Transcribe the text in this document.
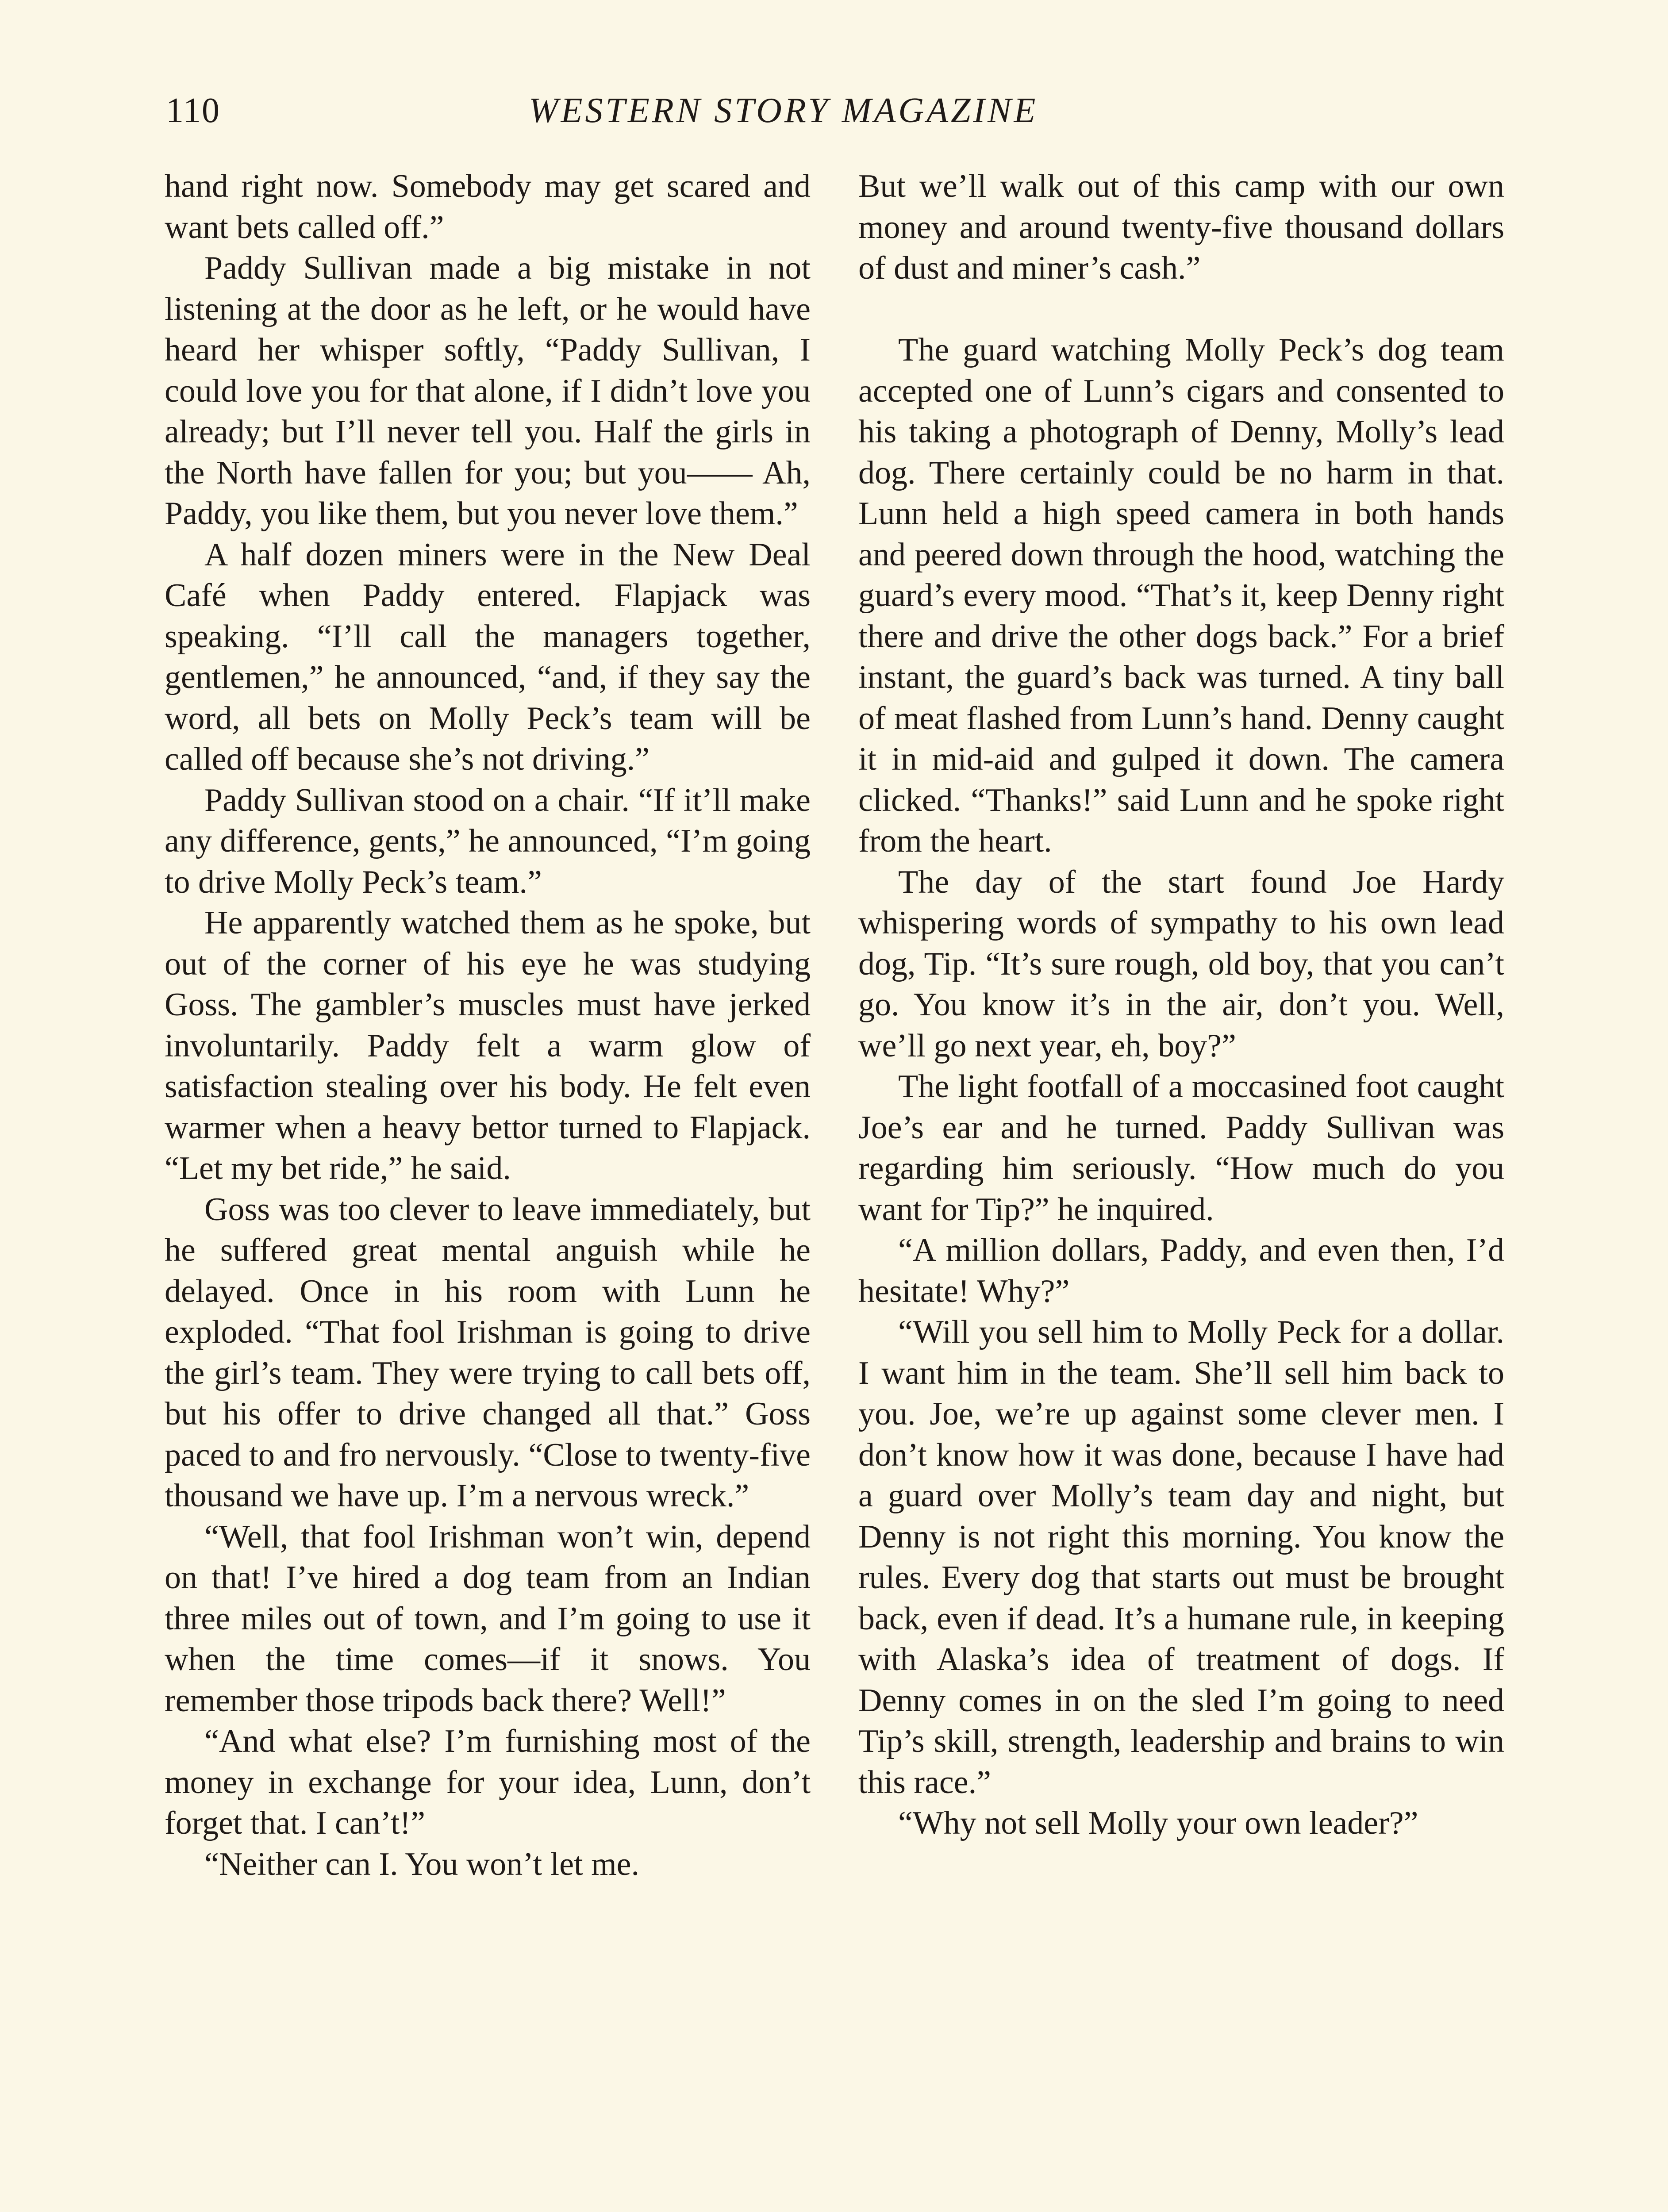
110	WESTERN STORY MAGAZINE

hand right now. Somebody may get scared and want bets called off.”

Paddy Sullivan made a big mistake in not listening at the door as he left, or he would have heard her whisper softly, “Paddy Sullivan, I could love you for that alone, if I didn’t love you already; but I’ll never tell you. Half the girls in the North have fallen for you; but you—— Ah, Paddy, you like them, but you never love them.”

A half dozen miners were in the New Deal Café when Paddy entered. Flapjack was speaking. “I’ll call the managers together, gentlemen,” he announced, “and, if they say the word, all bets on Molly Peck’s team will be called off because she’s not driving.”

Paddy Sullivan stood on a chair. “If it’ll make any difference, gents,” he announced, “I’m going to drive Molly Peck’s team.”

He apparently watched them as he spoke, but out of the corner of his eye he was studying Goss. The gambler’s muscles must have jerked involuntarily. Paddy felt a warm glow of satisfaction stealing over his body. He felt even warmer when a heavy bettor turned to Flapjack. “Let my bet ride,” he said.

Goss was too clever to leave immediately, but he suffered great mental anguish while he delayed. Once in his room with Lunn he exploded. “That fool Irishman is going to drive the girl’s team. They were trying to call bets off, but his offer to drive changed all that.” Goss paced to and fro nervously. “Close to twenty-five thousand we have up. I’m a nervous wreck.”

“Well, that fool Irishman won’t win, depend on that! I’ve hired a dog team from an Indian three miles out of town, and I’m going to use it when the time comes—if it snows. You remember those tripods back there? Well!”

“And what else? I’m furnishing most of the money in exchange for your idea, Lunn, don’t forget that. I can’t!”

“Neither can I. You won’t let me.

But we’ll walk out of this camp with our own money and around twenty-five thousand dollars of dust and miner’s cash.”

The guard watching Molly Peck’s dog team accepted one of Lunn’s cigars and consented to his taking a photograph of Denny, Molly’s lead dog. There certainly could be no harm in that. Lunn held a high speed camera in both hands and peered down through the hood, watching the guard’s every mood. “That’s it, keep Denny right there and drive the other dogs back.” For a brief instant, the guard’s back was turned. A tiny ball of meat flashed from Lunn’s hand. Denny caught it in mid-aid and gulped it down. The camera clicked. “Thanks!” said Lunn and he spoke right from the heart.

The day of the start found Joe Hardy whispering words of sympathy to his own lead dog, Tip. “It’s sure rough, old boy, that you can’t go. You know it’s in the air, don’t you. Well, we’ll go next year, eh, boy?”

The light footfall of a moccasined foot caught Joe’s ear and he turned. Paddy Sullivan was regarding him seriously. “How much do you want for Tip?” he inquired.

“A million dollars, Paddy, and even then, I’d hesitate! Why?”

“Will you sell him to Molly Peck for a dollar. I want him in the team. She’ll sell him back to you. Joe, we’re up against some clever men. I don’t know how it was done, because I have had a guard over Molly’s team day and night, but Denny is not right this morning. You know the rules. Every dog that starts out must be brought back, even if dead. It’s a humane rule, in keeping with Alaska’s idea of treatment of dogs. If Denny comes in on the sled I’m going to need Tip’s skill, strength, leadership and brains to win this race.”

“Why not sell Molly your own leader?”
